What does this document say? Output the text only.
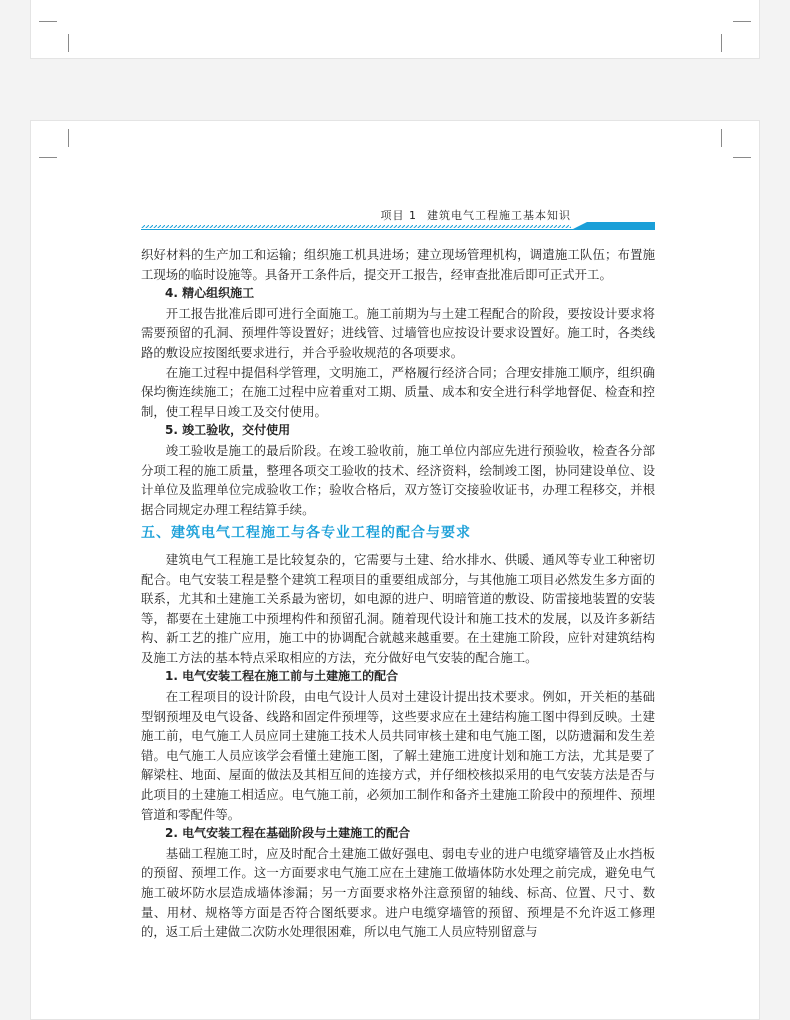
项目 1 建筑电气工程施工基本知识

织好材料的生产加工和运输；组织施工机具进场；建立现场管理机构，调遣施工队伍；布置施工现场的临时设施等。具备开工条件后，提交开工报告，经审查批准后即可正式开工。

4. 精心组织施工

开工报告批准后即可进行全面施工。施工前期为与土建工程配合的阶段，要按设计要求将需要预留的孔洞、预埋件等设置好；进线管、过墙管也应按设计要求设置好。施工时，各类线路的敷设应按图纸要求进行，并合乎验收规范的各项要求。

在施工过程中提倡科学管理，文明施工，严格履行经济合同；合理安排施工顺序，组织确保均衡连续施工；在施工过程中应着重对工期、质量、成本和安全进行科学地督促、检查和控制，使工程早日竣工及交付使用。

5. 竣工验收，交付使用

竣工验收是施工的最后阶段。在竣工验收前，施工单位内部应先进行预验收，检查各分部分项工程的施工质量，整理各项交工验收的技术、经济资料，绘制竣工图，协同建设单位、设计单位及监理单位完成验收工作；验收合格后，双方签订交接验收证书，办理工程移交，并根据合同规定办理工程结算手续。

五、建筑电气工程施工与各专业工程的配合与要求

建筑电气工程施工是比较复杂的，它需要与土建、给水排水、供暖、通风等专业工种密切配合。电气安装工程是整个建筑工程项目的重要组成部分，与其他施工项目必然发生多方面的联系，尤其和土建施工关系最为密切，如电源的进户、明暗管道的敷设、防雷接地装置的安装等，都要在土建施工中预埋构件和预留孔洞。随着现代设计和施工技术的发展，以及许多新结构、新工艺的推广应用，施工中的协调配合就越来越重要。在土建施工阶段，应针对建筑结构及施工方法的基本特点采取相应的方法，充分做好电气安装的配合施工。

1. 电气安装工程在施工前与土建施工的配合

在工程项目的设计阶段，由电气设计人员对土建设计提出技术要求。例如，开关柜的基础型钢预埋及电气设备、线路和固定件预埋等，这些要求应在土建结构施工图中得到反映。土建施工前，电气施工人员应同土建施工技术人员共同审核土建和电气施工图，以防遗漏和发生差错。电气施工人员应该学会看懂土建施工图，了解土建施工进度计划和施工方法，尤其是要了解梁柱、地面、屋面的做法及其相互间的连接方式，并仔细校核拟采用的电气安装方法是否与此项目的土建施工相适应。电气施工前，必须加工制作和备齐土建施工阶段中的预埋件、预埋管道和零配件等。

2. 电气安装工程在基础阶段与土建施工的配合

基础工程施工时，应及时配合土建施工做好强电、弱电专业的进户电缆穿墙管及止水挡板的预留、预埋工作。这一方面要求电气施工应在土建施工做墙体防水处理之前完成，避免电气施工破坏防水层造成墙体渗漏；另一方面要求格外注意预留的轴线、标高、位置、尺寸、数量、用材、规格等方面是否符合图纸要求。进户电缆穿墙管的预留、预埋是不允许返工修理的，返工后土建做二次防水处理很困难，所以电气施工人员应特别留意与
